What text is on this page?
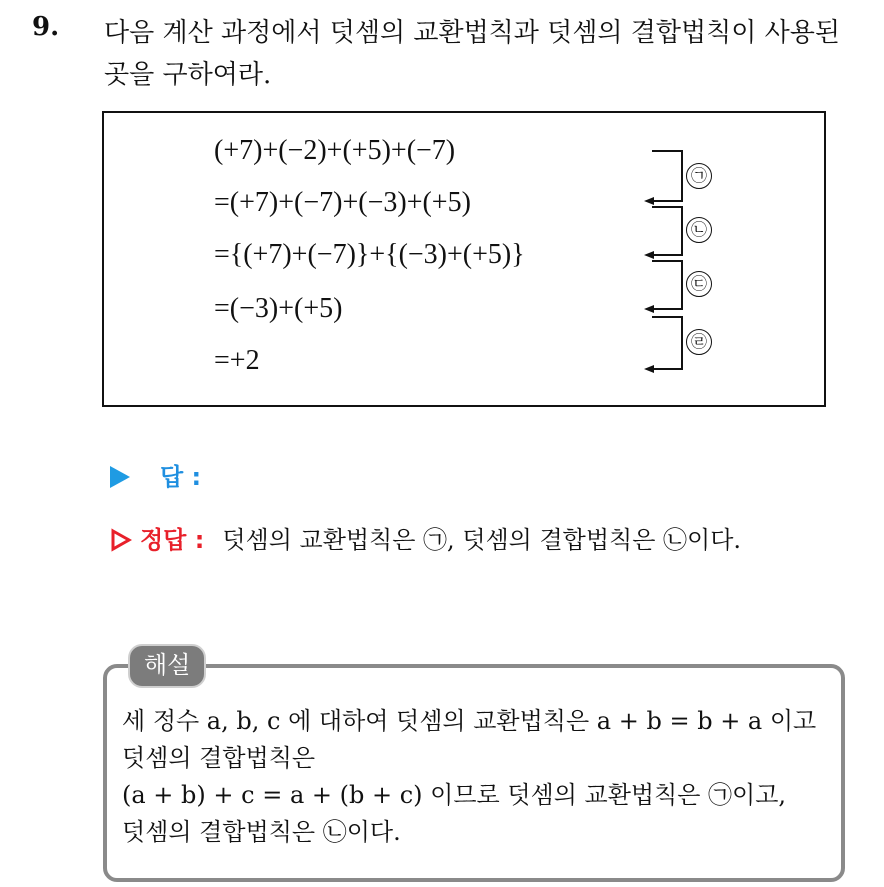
9. 다음 계산 과정에서 덧셈의 교환법칙과 덧셈의 결합법칙이 사용된 곳을 구하여라.
(+7)+(−2)+(+5)+(−7)
=(+7)+(−7)+(−3)+(+5)
={(+7)+(−7)}+{(−3)+(+5)}
=(−3)+(+5)
=+2
㉠
㉡
㉢
㉣
답 :
정답 : 덧셈의 교환법칙은 ㉠, 덧셈의 결합법칙은 ㉡이다.
해설
세 정수 a, b, c 에 대하여 덧셈의 교환법칙은 a + b = b + a 이고
덧셈의 결합법칙은
(a + b) + c = a + (b + c) 이므로 덧셈의 교환법칙은 ㉠이고,
덧셈의 결합법칙은 ㉡이다.
